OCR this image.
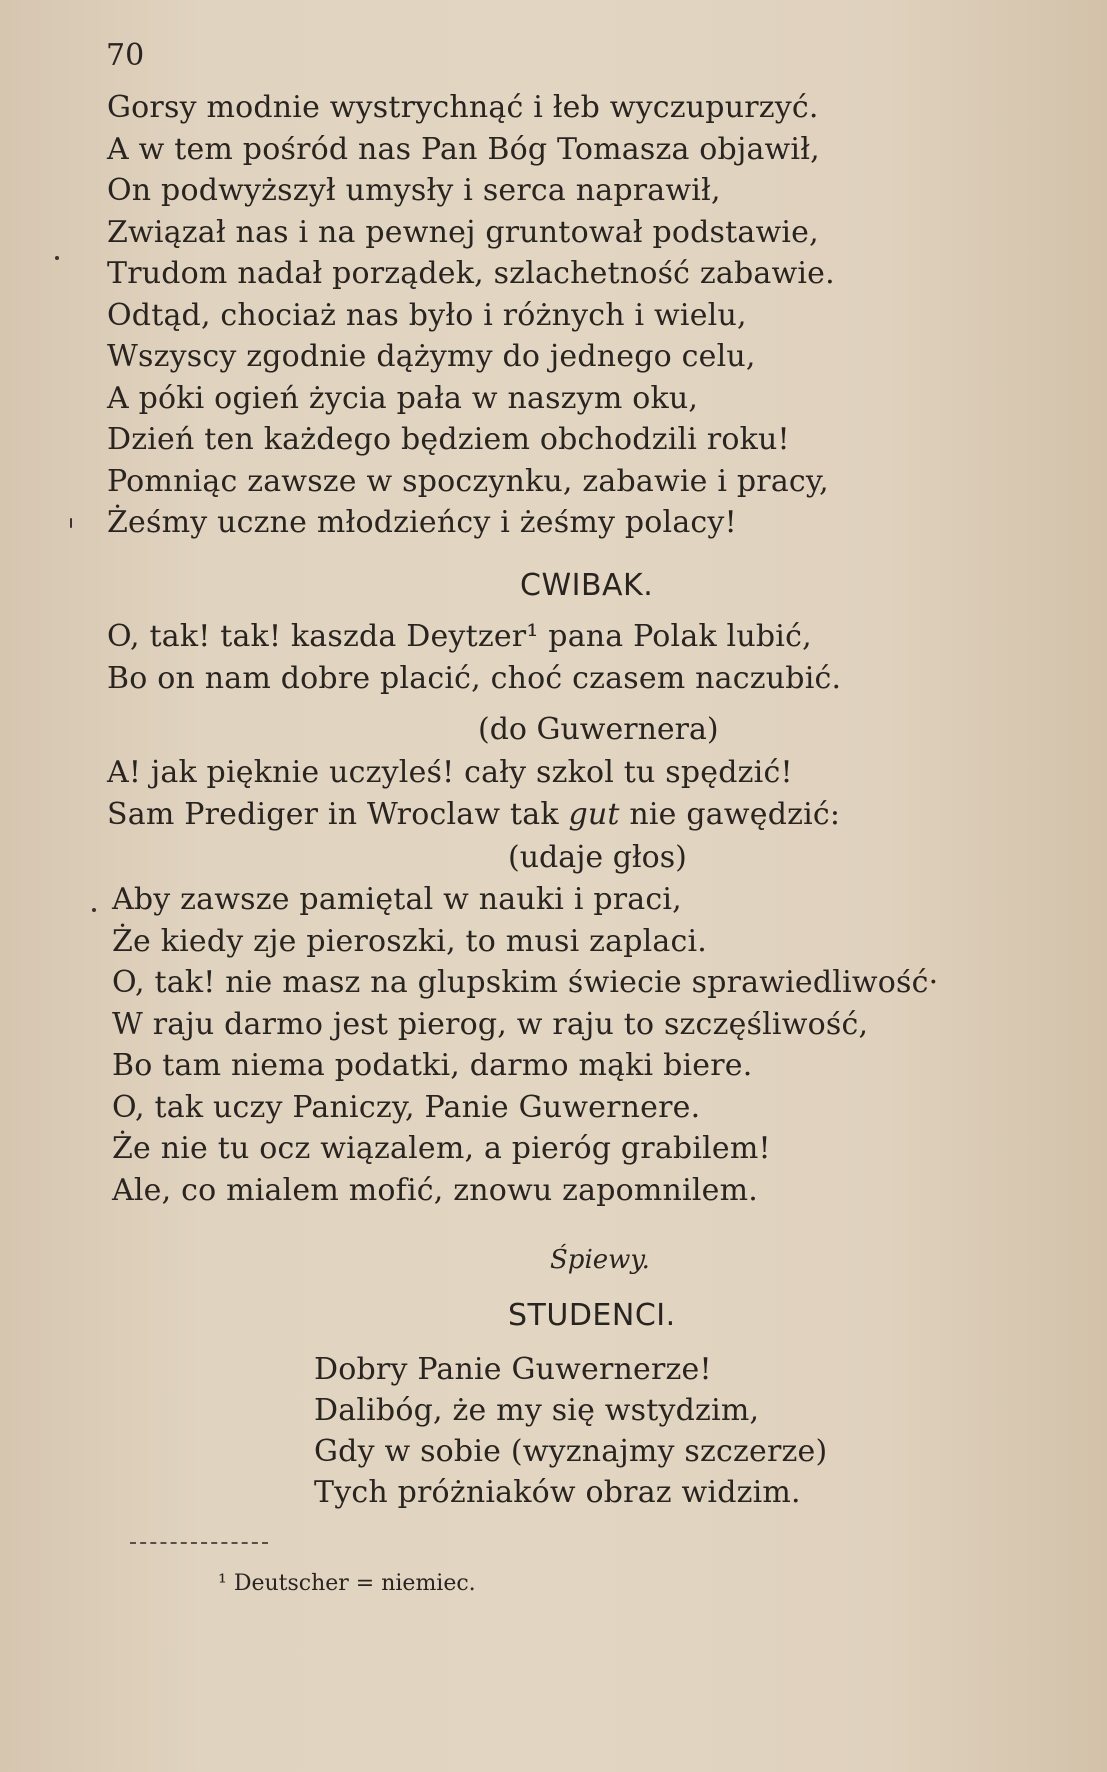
70
Gorsy modnie wystrychnąć i łeb wyczupurzyć.
A w tem pośród nas Pan Bóg Tomasza objawił,
On podwyższył umysły i serca naprawił,
Związał nas i na pewnej gruntował podstawie,
Trudom nadał porządek, szlachetność zabawie.
Odtąd, chociaż nas było i różnych i wielu,
Wszyscy zgodnie dążymy do jednego celu,
A póki ogień życia pała w naszym oku,
Dzień ten każdego będziem obchodzili roku!
Pomniąc zawsze w spoczynku, zabawie i pracy,
Żeśmy uczne młodzieńcy i żeśmy polacy!
CWIBAK.
O, tak! tak! kaszda Deytzer¹ pana Polak lubić,
Bo on nam dobre placić, choć czasem naczubić.
(do Guwernera)
A! jak pięknie uczyleś! cały szkol tu spędzić!
Sam Prediger in Wroclaw tak gut nie gawędzić:
(udaje głos)
Aby zawsze pamiętal w nauki i praci,
Że kiedy zje pieroszki, to musi zaplaci.
O, tak! nie masz na glupskim świecie sprawiedliwość·
W raju darmo jest pierog, w raju to szczęśliwość,
Bo tam niema podatki, darmo mąki biere.
O, tak uczy Paniczy, Panie Guwernere.
Że nie tu ocz wiązalem, a pieróg grabilem!
Ale, co mialem mofić, znowu zapomnilem.
Śpiewy.
STUDENCI.
Dobry Panie Guwernerze!
Dalibóg, że my się wstydzim,
Gdy w sobie (wyznajmy szczerze)
Tych próżniaków obraz widzim.
¹ Deutscher = niemiec.
